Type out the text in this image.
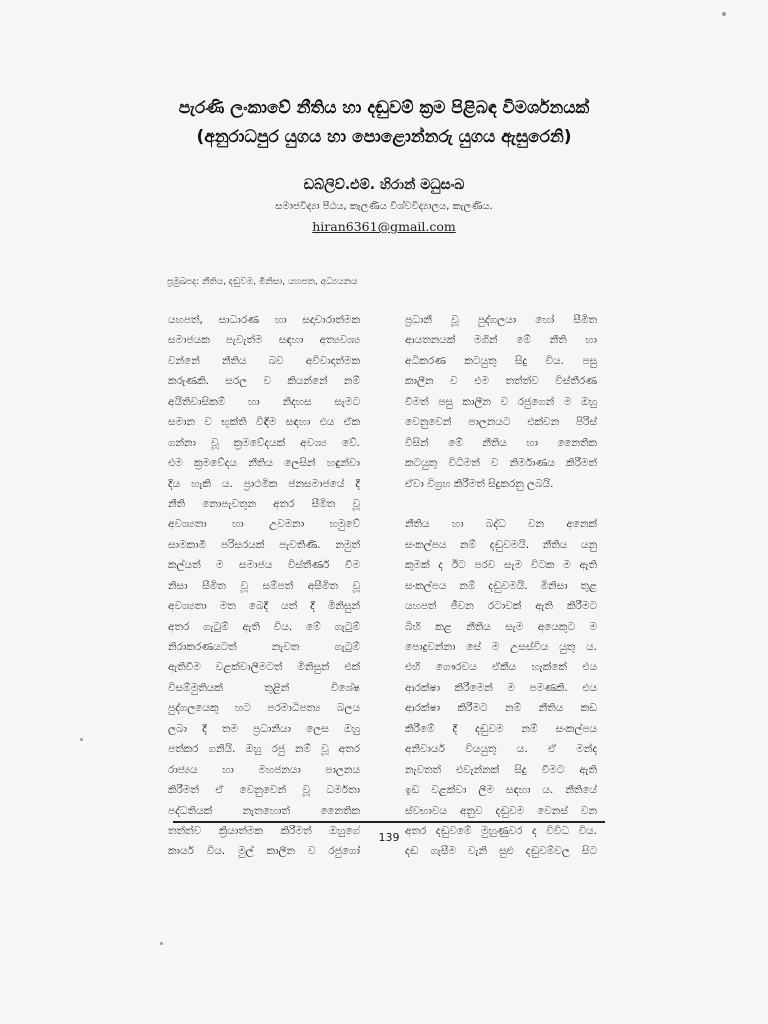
පැරණි ලංකාවේ නීතිය හා දඬුවම් ක්‍රම පිළිබඳ විමර්ශනයක්
(අනුරාධපුර යුගය හා පොළොන්නරු යුගය ඇසුරෙනි)
ඩබ්ලිව්.එම්. හිරාන් මධුසංඛ
සමාජවිද්‍යා පීඨය, කැලණිය විශ්වවිද්‍යාලය, කැලණිය.
hiran6361@gmail.com
ප්‍රමුඛපද: නීතිය, දඬුවම, මිනිසා, යහපත, අධ්‍යයනය
යහපත්, සාධාරණ හා සදාචාරාත්මක
සමාජයක පැවැත්ම සඳහා අත්‍යවශ්‍ය
වන්නේ නීතිය බව අවිවාදාත්මක
කරුණකි. සරල ව කියන්නේ නම්
අයිතිවාසිකම් හා නිදහස සැමට
සමාන ව භුක්ති විඳීම සඳහා එය ඒක
ගන්නා වූ ක්‍රමවේදයක් අවශ්‍ය වේ.
එම ක්‍රමවේදය නීතිය ලෙසින් හඳුන්වා
දිය හැකි ය. ප්‍රාථමික ජනසමාජයේ දී
නීති නොපැවතුන අතර සීමිත වූ
අවශ්‍යතා හා උවමනා හමුවේ
සාමකාමී පරිසරයක් පැවතිණි. නමුත්
කල්යත් ම සමාජය විස්තීර්ණ වීම
නිසා සීමිත වූ සම්පත් අසීමිත වූ
අවශ්‍යතා මත බෙදී යත් දී මිනිසුන්
අතර ගැටුම් ඇති විය. මේ ගැටුම්
නිරාකරණයටත් නැවත ගැටුම්
ඇතිවීම වළක්වාලීමටත් මිනිසුන් එක්
විසම්මුතියක් තුළින් විශේෂ
පුද්ගලයෙකු හට පරමාධිපත්‍ය බලය
ලබා දී තම ප්‍රධානියා ලෙස ඔහු
පත්කර ගනියි. ඔහු රජු නම් වූ අතර
රාජ්‍යය හා මහජනයා පාලනය
කිරීමත් ඒ වෙනුවෙන් වූ ධර්මතා
පද්ධතියක් නැතහොත් නෛතික
තත්ත්ව ක්‍රියාත්මක කිරීමත් ඔහුගේ
කාර්ය විය. මුල් කාලීන ව රජුගෝ
ප්‍රධානී වූ පුද්ගලයා හෝ සීමිත
ආයතනයක් මගින් මේ නීති හා
අධිකරණ කටයුතු සිදු විය. පසු
කාලීන ව එම තත්ත්ව විස්තීරණ
වීමත් පසු කාලීන ව රජුගෙන් ම ඔහු
වෙනුවෙන් පාලනයට එක්වන පිරිස්
විසින් මේ නීතිය හා නෛතික
කටයුතු විධිමත් ව නිර්මාණය කිරීමත්
ඒවා විග්‍රහ කිරීමත් සිදුකරනු ලබයි.
නීතිය හා බද්ධ වන අනෙක්
සංකල්පය නම් දඬුවමයි. නීතිය යනු
කුමක් ද ඊට පරව සැම විටක ම ඇති
සංකල්පය නම් දඬුවමයි. මිනිසා තුළ
යහපත් ජීවන රටාවක් ඇති කිරීමට
බිහි කළ නීතිය සැම අයෙකුට ම
පොදුවන්නා සේ ම උසස්විය යුතු ය.
එහි ගෞරවය ඒකීය හැක්කේ එය
ආරක්ෂා කිරීමෙන් ම පමණකි. එය
ආරක්ෂා කිරීමට නම් නීතිය කඩ
කිරීමේ දී දඬුවම නම් සංකල්පය
අනිවාර්ය වියයුතු ය. ඒ මන්ද
නැවතත් එවැන්නක් සිදු වීමට ඇති
ඉඩ වළක්වා ලීම සඳහා ය. නීතියේ
ස්වභාවය අනුව දඬුවම වෙනස් වන
අතර දඬුවමේ මුහුණුවර ද විවිධ විය.
දඬ ගැසීම වැනි සුළු දඬුවම්වල සිට
139
